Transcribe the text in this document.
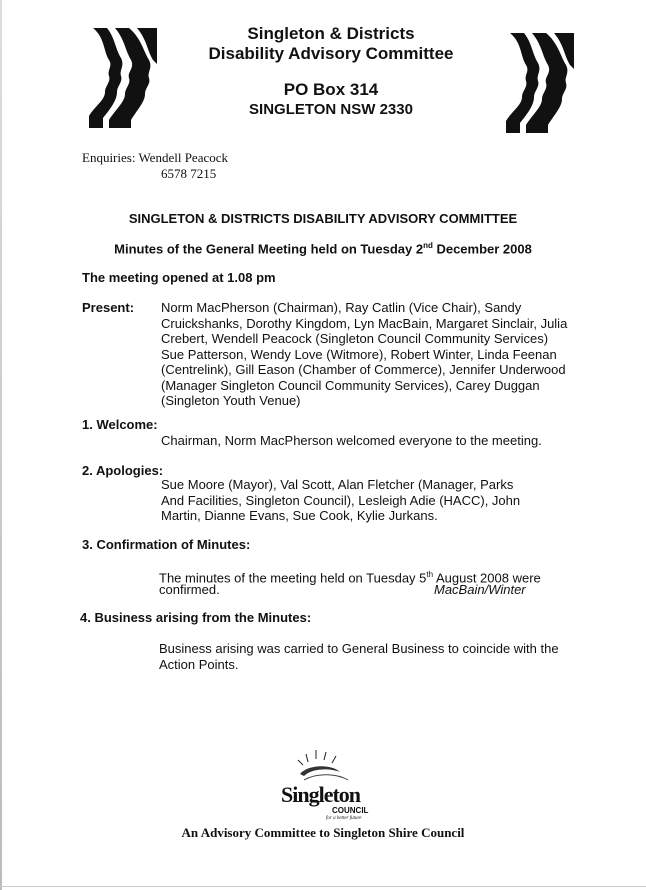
Singleton & Districts
Disability Advisory Committee
PO Box 314
SINGLETON NSW 2330
Enquiries: Wendell Peacock
6578 7215
SINGLETON & DISTRICTS DISABILITY ADVISORY COMMITTEE
Minutes of the General Meeting held on Tuesday 2nd December 2008
The meeting opened at 1.08 pm
Present: Norm MacPherson (Chairman), Ray Catlin (Vice Chair), Sandy
Cruickshanks, Dorothy Kingdom, Lyn MacBain, Margaret Sinclair, Julia
Crebert, Wendell Peacock (Singleton Council Community Services)
Sue Patterson, Wendy Love (Witmore), Robert Winter, Linda Feenan
(Centrelink), Gill Eason (Chamber of Commerce), Jennifer Underwood
(Manager Singleton Council Community Services), Carey Duggan
(Singleton Youth Venue)
1. Welcome:
Chairman, Norm MacPherson welcomed everyone to the meeting.
2. Apologies:
Sue Moore (Mayor), Val Scott, Alan Fletcher (Manager, Parks
And Facilities, Singleton Council), Lesleigh Adie (HACC), John
Martin, Dianne Evans, Sue Cook, Kylie Jurkans.
3. Confirmation of Minutes:
The minutes of the meeting held on Tuesday 5th August 2008 were
confirmed.	MacBain/Winter
4. Business arising from the Minutes:
Business arising was carried to General Business to coincide with the
Action Points.
Singleton
COUNCIL
for a better future
An Advisory Committee to Singleton Shire Council
